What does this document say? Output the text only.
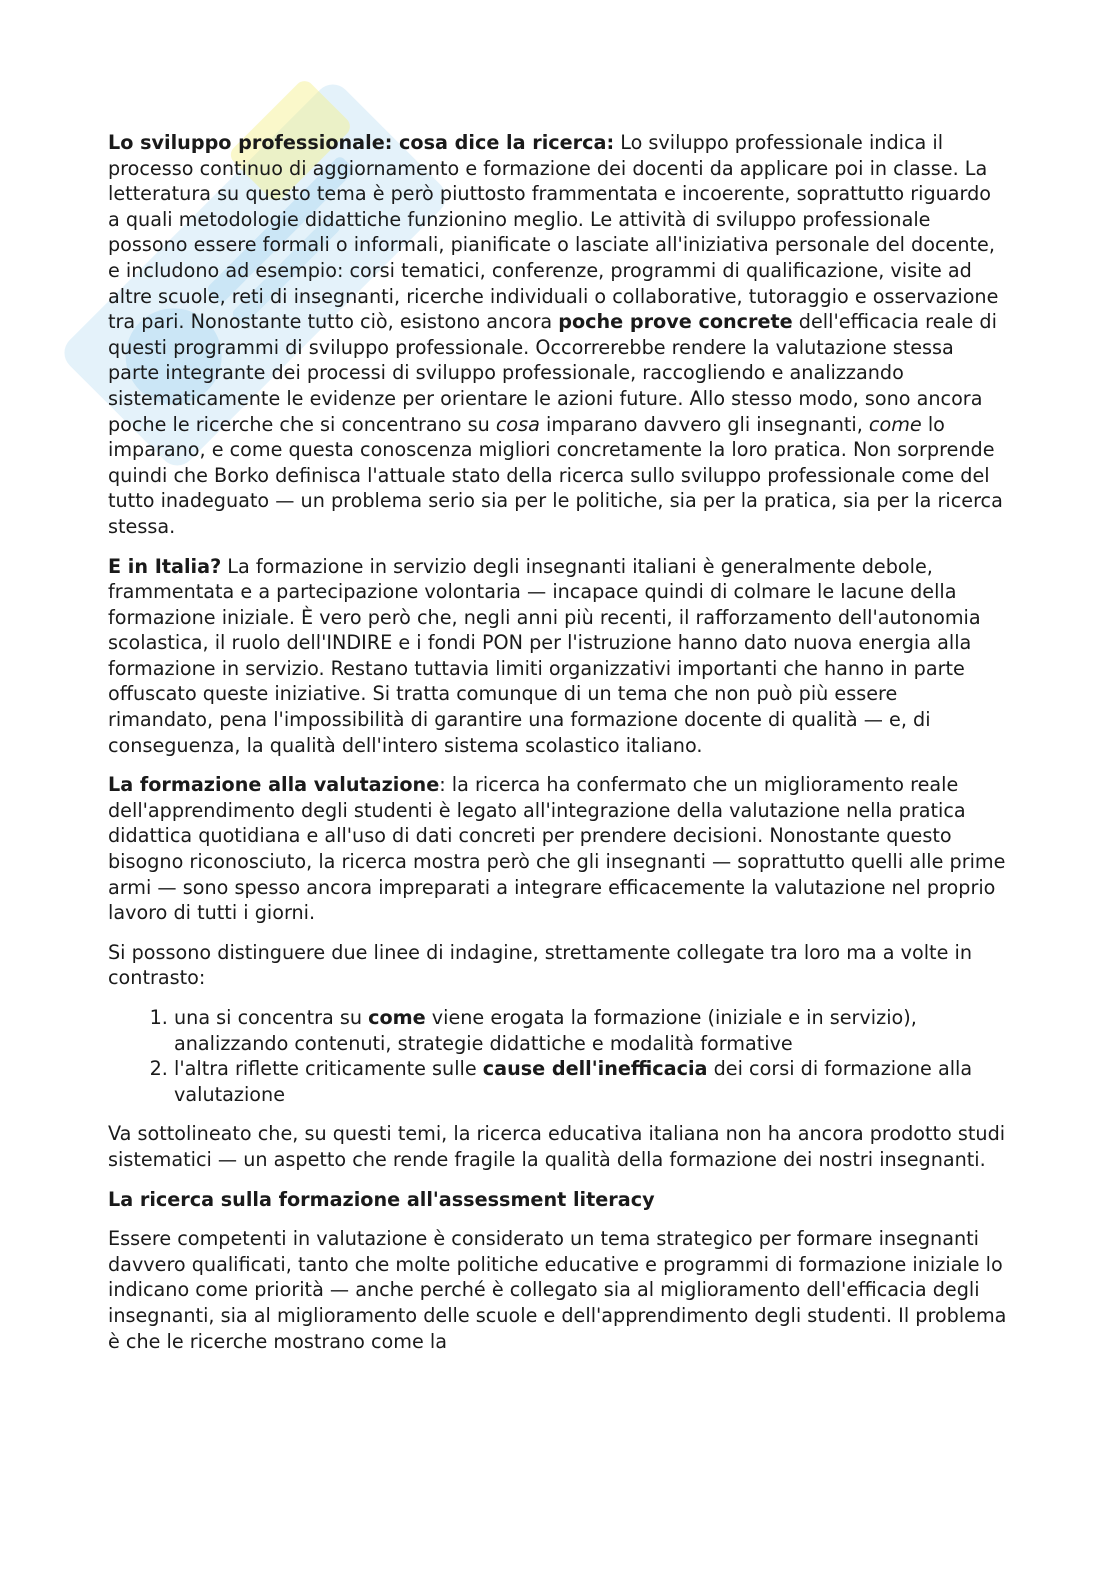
Lo sviluppo professionale: cosa dice la ricerca: Lo sviluppo professionale indica il processo continuo di aggiornamento e formazione dei docenti da applicare poi in classe. La letteratura su questo tema è però piuttosto frammentata e incoerente, soprattutto riguardo a quali metodologie didattiche funzionino meglio. Le attività di sviluppo professionale possono essere formali o informali, pianificate o lasciate all'iniziativa personale del docente, e includono ad esempio: corsi tematici, conferenze, programmi di qualificazione, visite ad altre scuole, reti di insegnanti, ricerche individuali o collaborative, tutoraggio e osservazione tra pari. Nonostante tutto ciò, esistono ancora poche prove concrete dell'efficacia reale di questi programmi di sviluppo professionale. Occorrerebbe rendere la valutazione stessa parte integrante dei processi di sviluppo professionale, raccogliendo e analizzando sistematicamente le evidenze per orientare le azioni future. Allo stesso modo, sono ancora poche le ricerche che si concentrano su cosa imparano davvero gli insegnanti, come lo imparano, e come questa conoscenza migliori concretamente la loro pratica. Non sorprende quindi che Borko definisca l'attuale stato della ricerca sullo sviluppo professionale come del tutto inadeguato — un problema serio sia per le politiche, sia per la pratica, sia per la ricerca stessa.

E in Italia? La formazione in servizio degli insegnanti italiani è generalmente debole, frammentata e a partecipazione volontaria — incapace quindi di colmare le lacune della formazione iniziale. È vero però che, negli anni più recenti, il rafforzamento dell'autonomia scolastica, il ruolo dell'INDIRE e i fondi PON per l'istruzione hanno dato nuova energia alla formazione in servizio. Restano tuttavia limiti organizzativi importanti che hanno in parte offuscato queste iniziative. Si tratta comunque di un tema che non può più essere rimandato, pena l'impossibilità di garantire una formazione docente di qualità — e, di conseguenza, la qualità dell'intero sistema scolastico italiano.

La formazione alla valutazione: la ricerca ha confermato che un miglioramento reale dell'apprendimento degli studenti è legato all'integrazione della valutazione nella pratica didattica quotidiana e all'uso di dati concreti per prendere decisioni. Nonostante questo bisogno riconosciuto, la ricerca mostra però che gli insegnanti — soprattutto quelli alle prime armi — sono spesso ancora impreparati a integrare efficacemente la valutazione nel proprio lavoro di tutti i giorni.

Si possono distinguere due linee di indagine, strettamente collegate tra loro ma a volte in contrasto:

1. una si concentra su come viene erogata la formazione (iniziale e in servizio), analizzando contenuti, strategie didattiche e modalità formative
2. l'altra riflette criticamente sulle cause dell'inefficacia dei corsi di formazione alla valutazione

Va sottolineato che, su questi temi, la ricerca educativa italiana non ha ancora prodotto studi sistematici — un aspetto che rende fragile la qualità della formazione dei nostri insegnanti.

La ricerca sulla formazione all'assessment literacy

Essere competenti in valutazione è considerato un tema strategico per formare insegnanti davvero qualificati, tanto che molte politiche educative e programmi di formazione iniziale lo indicano come priorità — anche perché è collegato sia al miglioramento dell'efficacia degli insegnanti, sia al miglioramento delle scuole e dell'apprendimento degli studenti. Il problema è che le ricerche mostrano come la
